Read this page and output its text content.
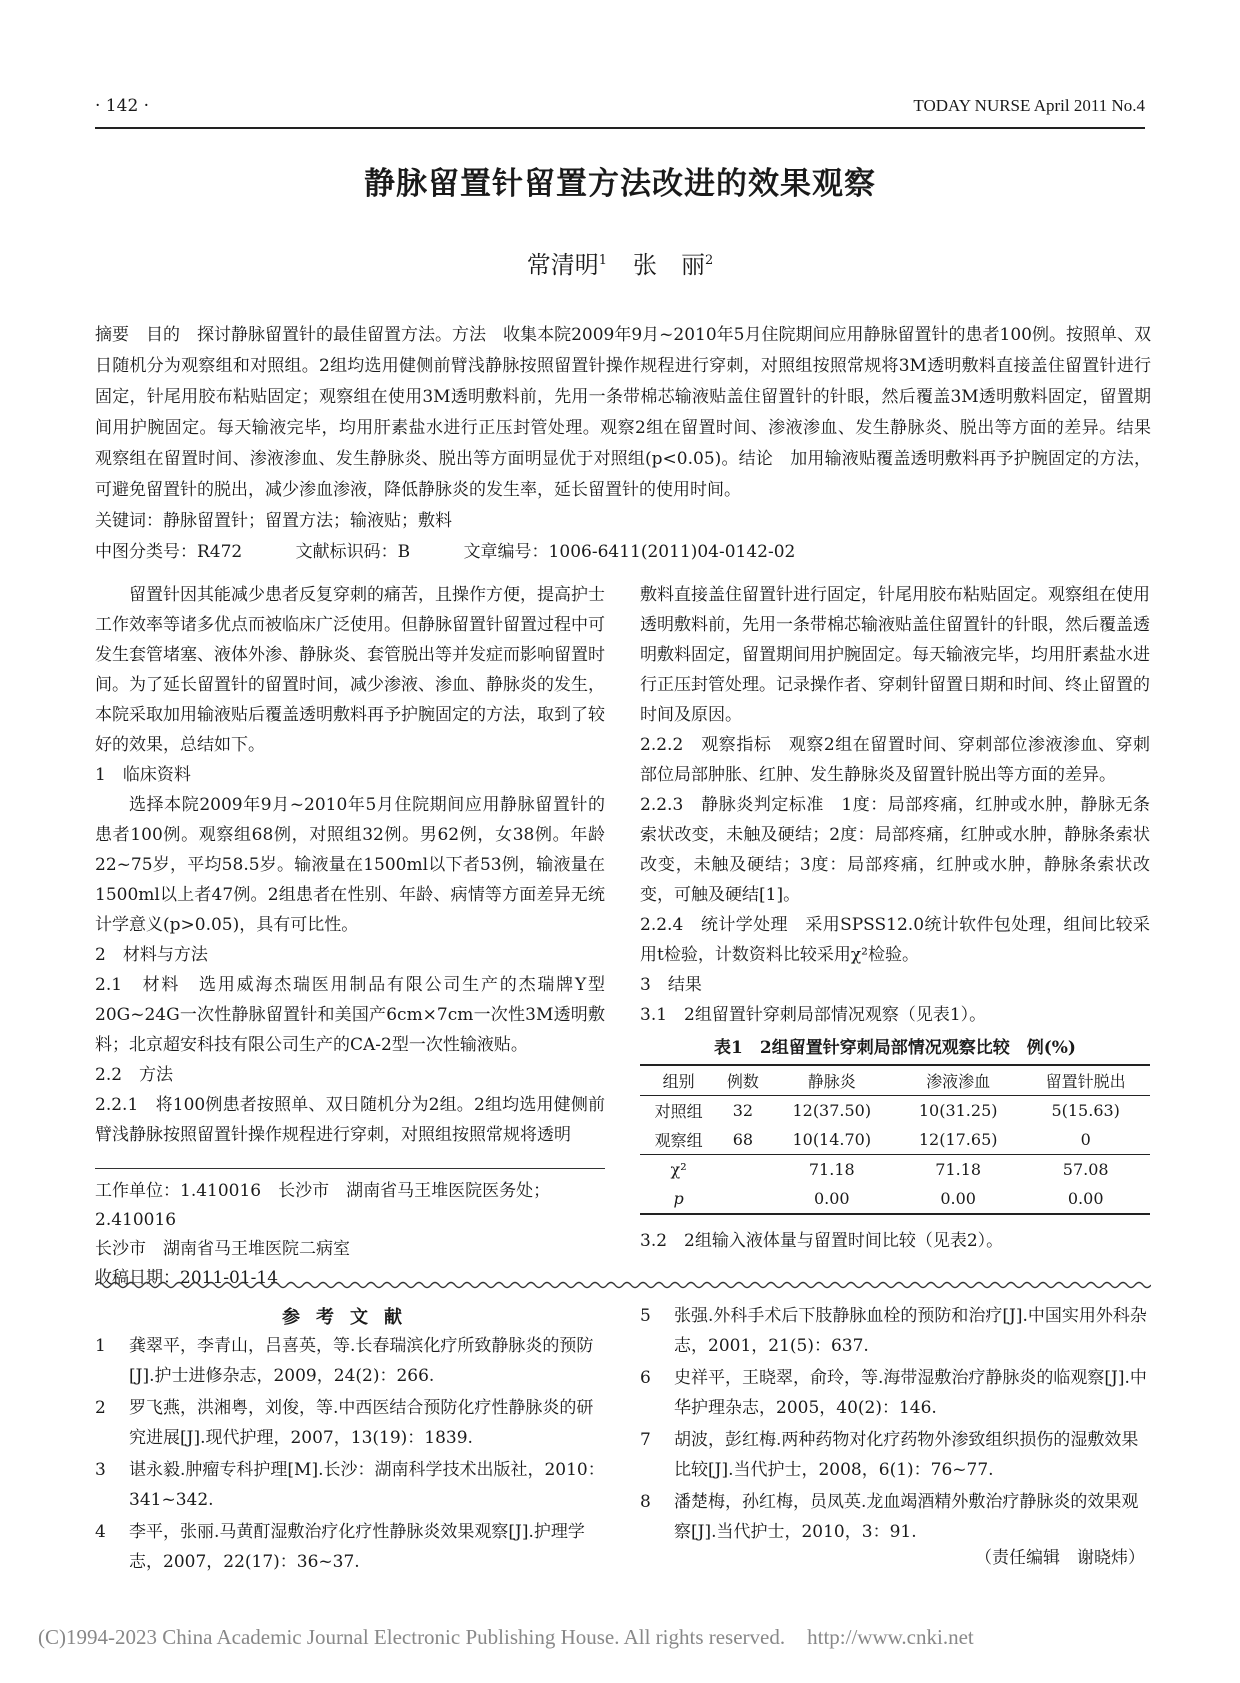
· 142 ·	TODAY NURSE April 2011 No.4
静脉留置针留置方法改进的效果观察
常清明$^1$ 张　丽$^2$

摘要　目的　探讨静脉留置针的最佳留置方法。方法　收集本院2009年9月~2010年5月住院期间应用静脉留置针的患者100例。按照单、双日随机分为观察组和对照组。2组均选用健侧前臂浅静脉按照留置针操作规程进行穿刺，对照组按照常规将3M透明敷料直接盖住留置针进行固定，针尾用胶布粘贴固定；观察组在使用3M透明敷料前，先用一条带棉芯输液贴盖住留置针的针眼，然后覆盖3M透明敷料固定，留置期间用护腕固定。每天输液完毕，均用肝素盐水进行正压封管处理。观察2组在留置时间、渗液渗血、发生静脉炎、脱出等方面的差异。结果　观察组在留置时间、渗液渗血、发生静脉炎、脱出等方面明显优于对照组(p<0.05)。结论　加用输液贴覆盖透明敷料再予护腕固定的方法，可避免留置针的脱出，减少渗血渗液，降低静脉炎的发生率，延长留置针的使用时间。

关键词：静脉留置针；留置方法；输液贴；敷料
中图分类号：R472	文献标识码：B	文章编号：1006-6411(2011)04-0142-02

留置针因其能减少患者反复穿刺的痛苦，且操作方便，提高护士工作效率等诸多优点而被临床广泛使用。但静脉留置针留置过程中可发生套管堵塞、液体外渗、静脉炎、套管脱出等并发症而影响留置时间。为了延长留置针的留置时间，减少渗液、渗血、静脉炎的发生，本院采取加用输液贴后覆盖透明敷料再予护腕固定的方法，取到了较好的效果，总结如下。

1　临床资料

选择本院2009年9月~2010年5月住院期间应用静脉留置针的患者100例。观察组68例，对照组32例。男62例，女38例。年龄22~75岁，平均58.5岁。输液量在1500ml以下者53例，输液量在1500ml以上者47例。2组患者在性别、年龄、病情等方面差异无统计学意义(p>0.05)，具有可比性。

2　材料与方法

2.1　材料　选用威海杰瑞医用制品有限公司生产的杰瑞牌Y型20G~24G一次性静脉留置针和美国产6cm×7cm一次性3M透明敷料；北京超安科技有限公司生产的CA-2型一次性输液贴。

2.2　方法

2.2.1　将100例患者按照单、双日随机分为2组。2组均选用健侧前臂浅静脉按照留置针操作规程进行穿刺，对照组按照常规将透明

工作单位：1.410016　长沙市　湖南省马王堆医院医务处；2.410016

长沙市　湖南省马王堆医院二病室

收稿日期：2011-01-14

敷料直接盖住留置针进行固定，针尾用胶布粘贴固定。观察组在使用透明敷料前，先用一条带棉芯输液贴盖住留置针的针眼，然后覆盖透明敷料固定，留置期间用护腕固定。每天输液完毕，均用肝素盐水进行正压封管处理。记录操作者、穿刺针留置日期和时间、终止留置的时间及原因。

2.2.2　观察指标　观察2组在留置时间、穿刺部位渗液渗血、穿刺部位局部肿胀、红肿、发生静脉炎及留置针脱出等方面的差异。

2.2.3　静脉炎判定标准　1度：局部疼痛，红肿或水肿，静脉无条索状改变，未触及硬结；2度：局部疼痛，红肿或水肿，静脉条索状改变，未触及硬结；3度：局部疼痛，红肿或水肿，静脉条索状改变，可触及硬结[1]。

2.2.4　统计学处理　采用SPSS12.0统计软件包处理，组间比较采用t检验，计数资料比较采用χ²检验。

3　结果

3.1　2组留置针穿刺局部情况观察（见表1）。

表1　2组留置针穿刺局部情况观察比较　例(%)
组别	例数	静脉炎	渗液渗血	留置针脱出
对照组	32	12(37.50)	10(31.25)	5(15.63)
观察组	68	10(14.70)	12(17.65)	0
χ²		71.18	71.18	57.08
p		0.00	0.00	0.00
3.2　2组输入液体量与留置时间比较（见表2）。
参考文献
1	龚翠平，李青山，吕喜英，等.长春瑞滨化疗所致静脉炎的预防[J].护士进修杂志，2009，24(2)：266.
2	罗飞燕，洪湘粤，刘俊，等.中西医结合预防化疗性静脉炎的研究进展[J].现代护理，2007，13(19)：1839.
3	谌永毅.肿瘤专科护理[M].长沙：湖南科学技术出版社，2010：341~342.
4	李平，张丽.马黄酊湿敷治疗化疗性静脉炎效果观察[J].护理学志，2007，22(17)：36~37.
5	张强.外科手术后下肢静脉血栓的预防和治疗[J].中国实用外科杂志，2001，21(5)：637.
6	史祥平，王晓翠，俞玲，等.海带湿敷治疗静脉炎的临观察[J].中华护理杂志，2005，40(2)：146.
7	胡波，彭红梅.两种药物对化疗药物外渗致组织损伤的湿敷效果比较[J].当代护士，2008，6(1)：76~77.
8	潘楚梅，孙红梅，员凤英.龙血竭酒精外敷治疗静脉炎的效果观察[J].当代护士，2010，3：91.
（责任编辑　谢晓炜）
(C)1994-2023 China Academic Journal Electronic Publishing House. All rights reserved. http://www.cnki.net
